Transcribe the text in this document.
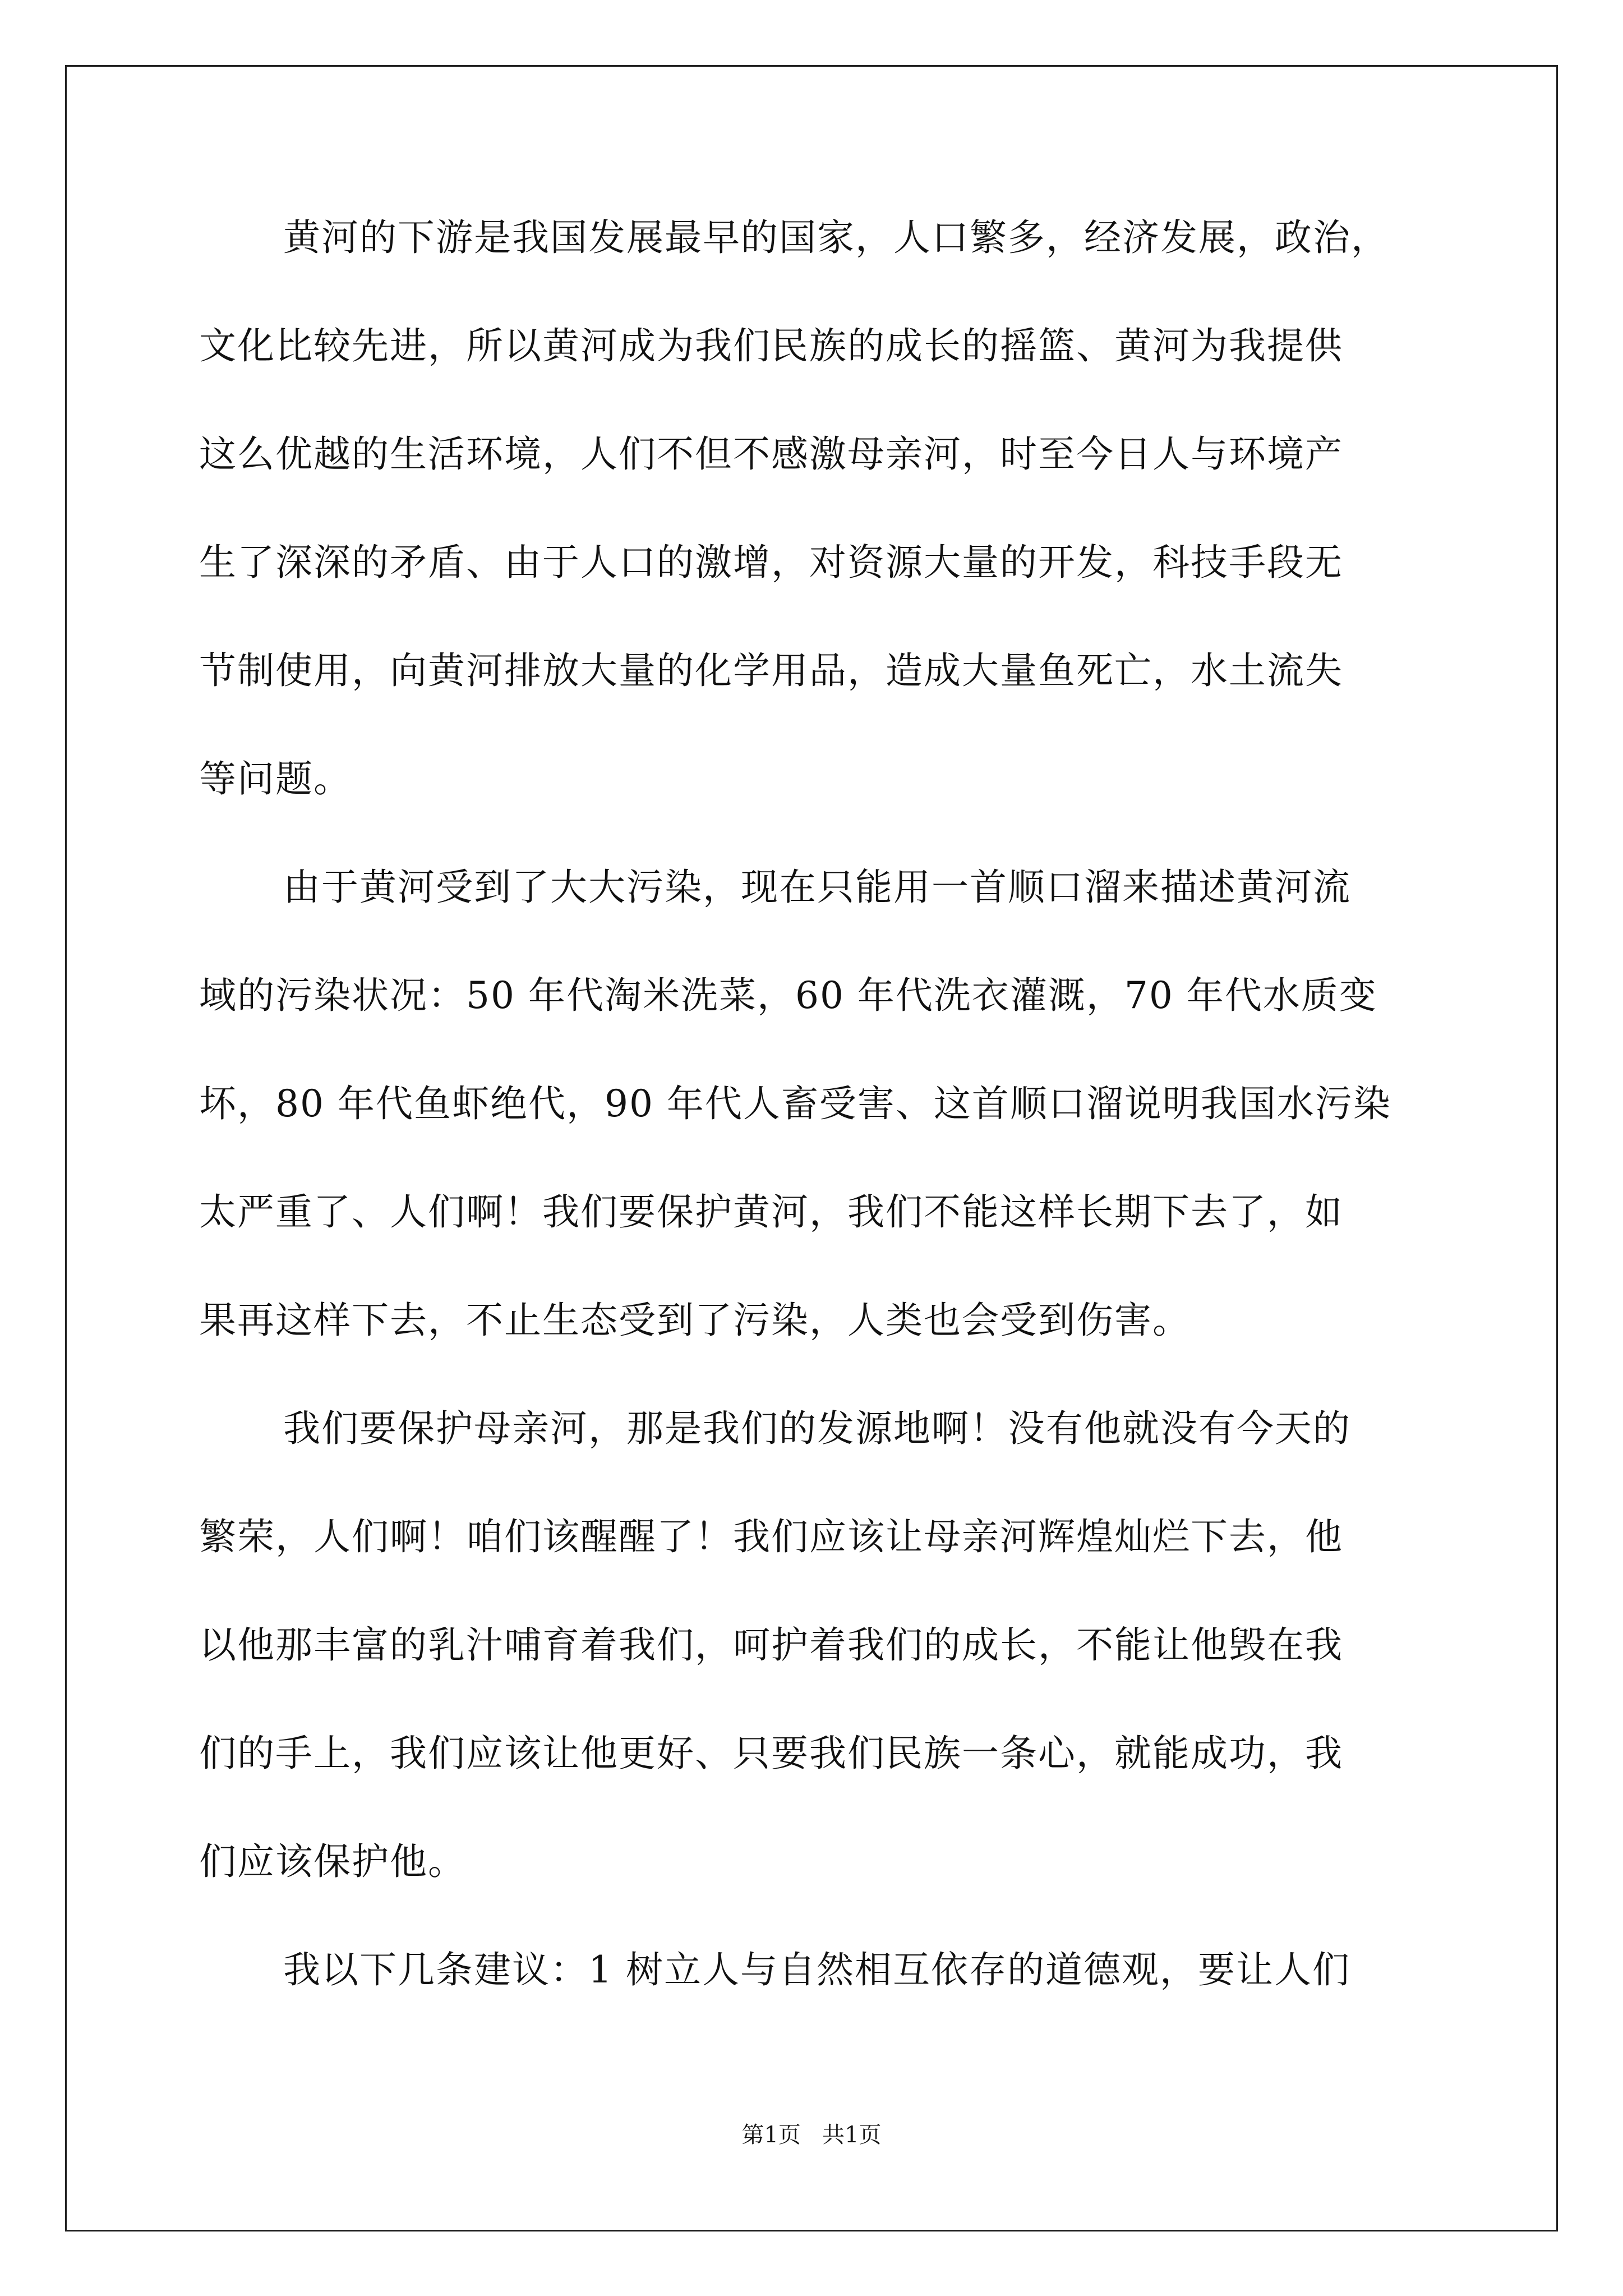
黄河的下游是我国发展最早的国家，人口繁多，经济发展，政治，
文化比较先进，所以黄河成为我们民族的成长的摇篮、黄河为我提供
这么优越的生活环境，人们不但不感激母亲河，时至今日人与环境产
生了深深的矛盾、由于人口的激增，对资源大量的开发，科技手段无
节制使用，向黄河排放大量的化学用品，造成大量鱼死亡，水土流失
等问题。
由于黄河受到了大大污染，现在只能用一首顺口溜来描述黄河流
域的污染状况：50 年代淘米洗菜，60 年代洗衣灌溉，70 年代水质变
坏，80 年代鱼虾绝代，90 年代人畜受害、这首顺口溜说明我国水污染
太严重了、人们啊！我们要保护黄河，我们不能这样长期下去了，如
果再这样下去，不止生态受到了污染，人类也会受到伤害。
我们要保护母亲河，那是我们的发源地啊！没有他就没有今天的
繁荣，人们啊！咱们该醒醒了！我们应该让母亲河辉煌灿烂下去，他
以他那丰富的乳汁哺育着我们，呵护着我们的成长，不能让他毁在我
们的手上，我们应该让他更好、只要我们民族一条心，就能成功，我
们应该保护他。
我以下几条建议：1 树立人与自然相互依存的道德观，要让人们
第1页   共1页
